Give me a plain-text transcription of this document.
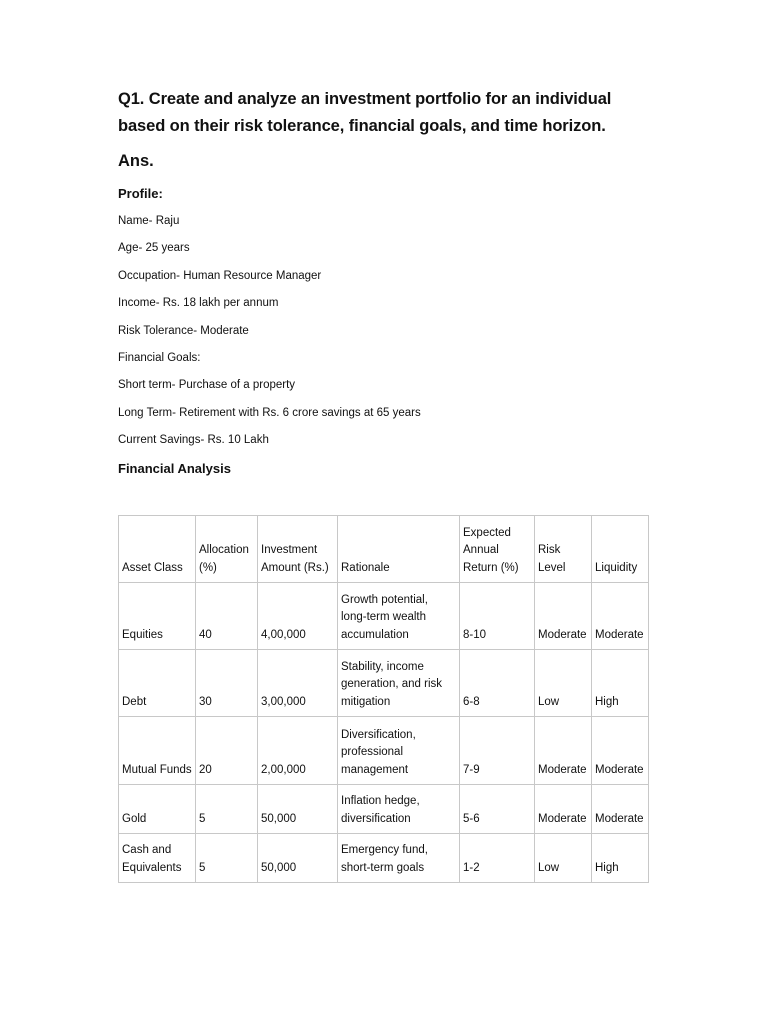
Q1. Create and analyze an investment portfolio for an individual

based on their risk tolerance, financial goals, and time horizon.

Ans.

Profile:

Name- Raju

Age- 25 years

Occupation- Human Resource Manager

Income- Rs. 18 lakh per annum

Risk Tolerance- Moderate

Financial Goals:

Short term- Purchase of a property

Long Term- Retirement with Rs. 6 crore savings at 65 years

Current Savings- Rs. 10 Lakh

Financial Analysis

Asset Class	Allocation (%)	Investment Amount (Rs.)	Rationale	Expected Annual Return (%)	Risk Level	Liquidity
Equities	40	4,00,000	Growth potential, long-term wealth accumulation	8-10	Moderate	Moderate
Debt	30	3,00,000	Stability, income generation, and risk mitigation	6-8	Low	High
Mutual Funds	20	2,00,000	Diversification, professional management	7-9	Moderate	Moderate
Gold	5	50,000	Inflation hedge, diversification	5-6	Moderate	Moderate
Cash and Equivalents	5	50,000	Emergency fund, short-term goals	1-2	Low	High
